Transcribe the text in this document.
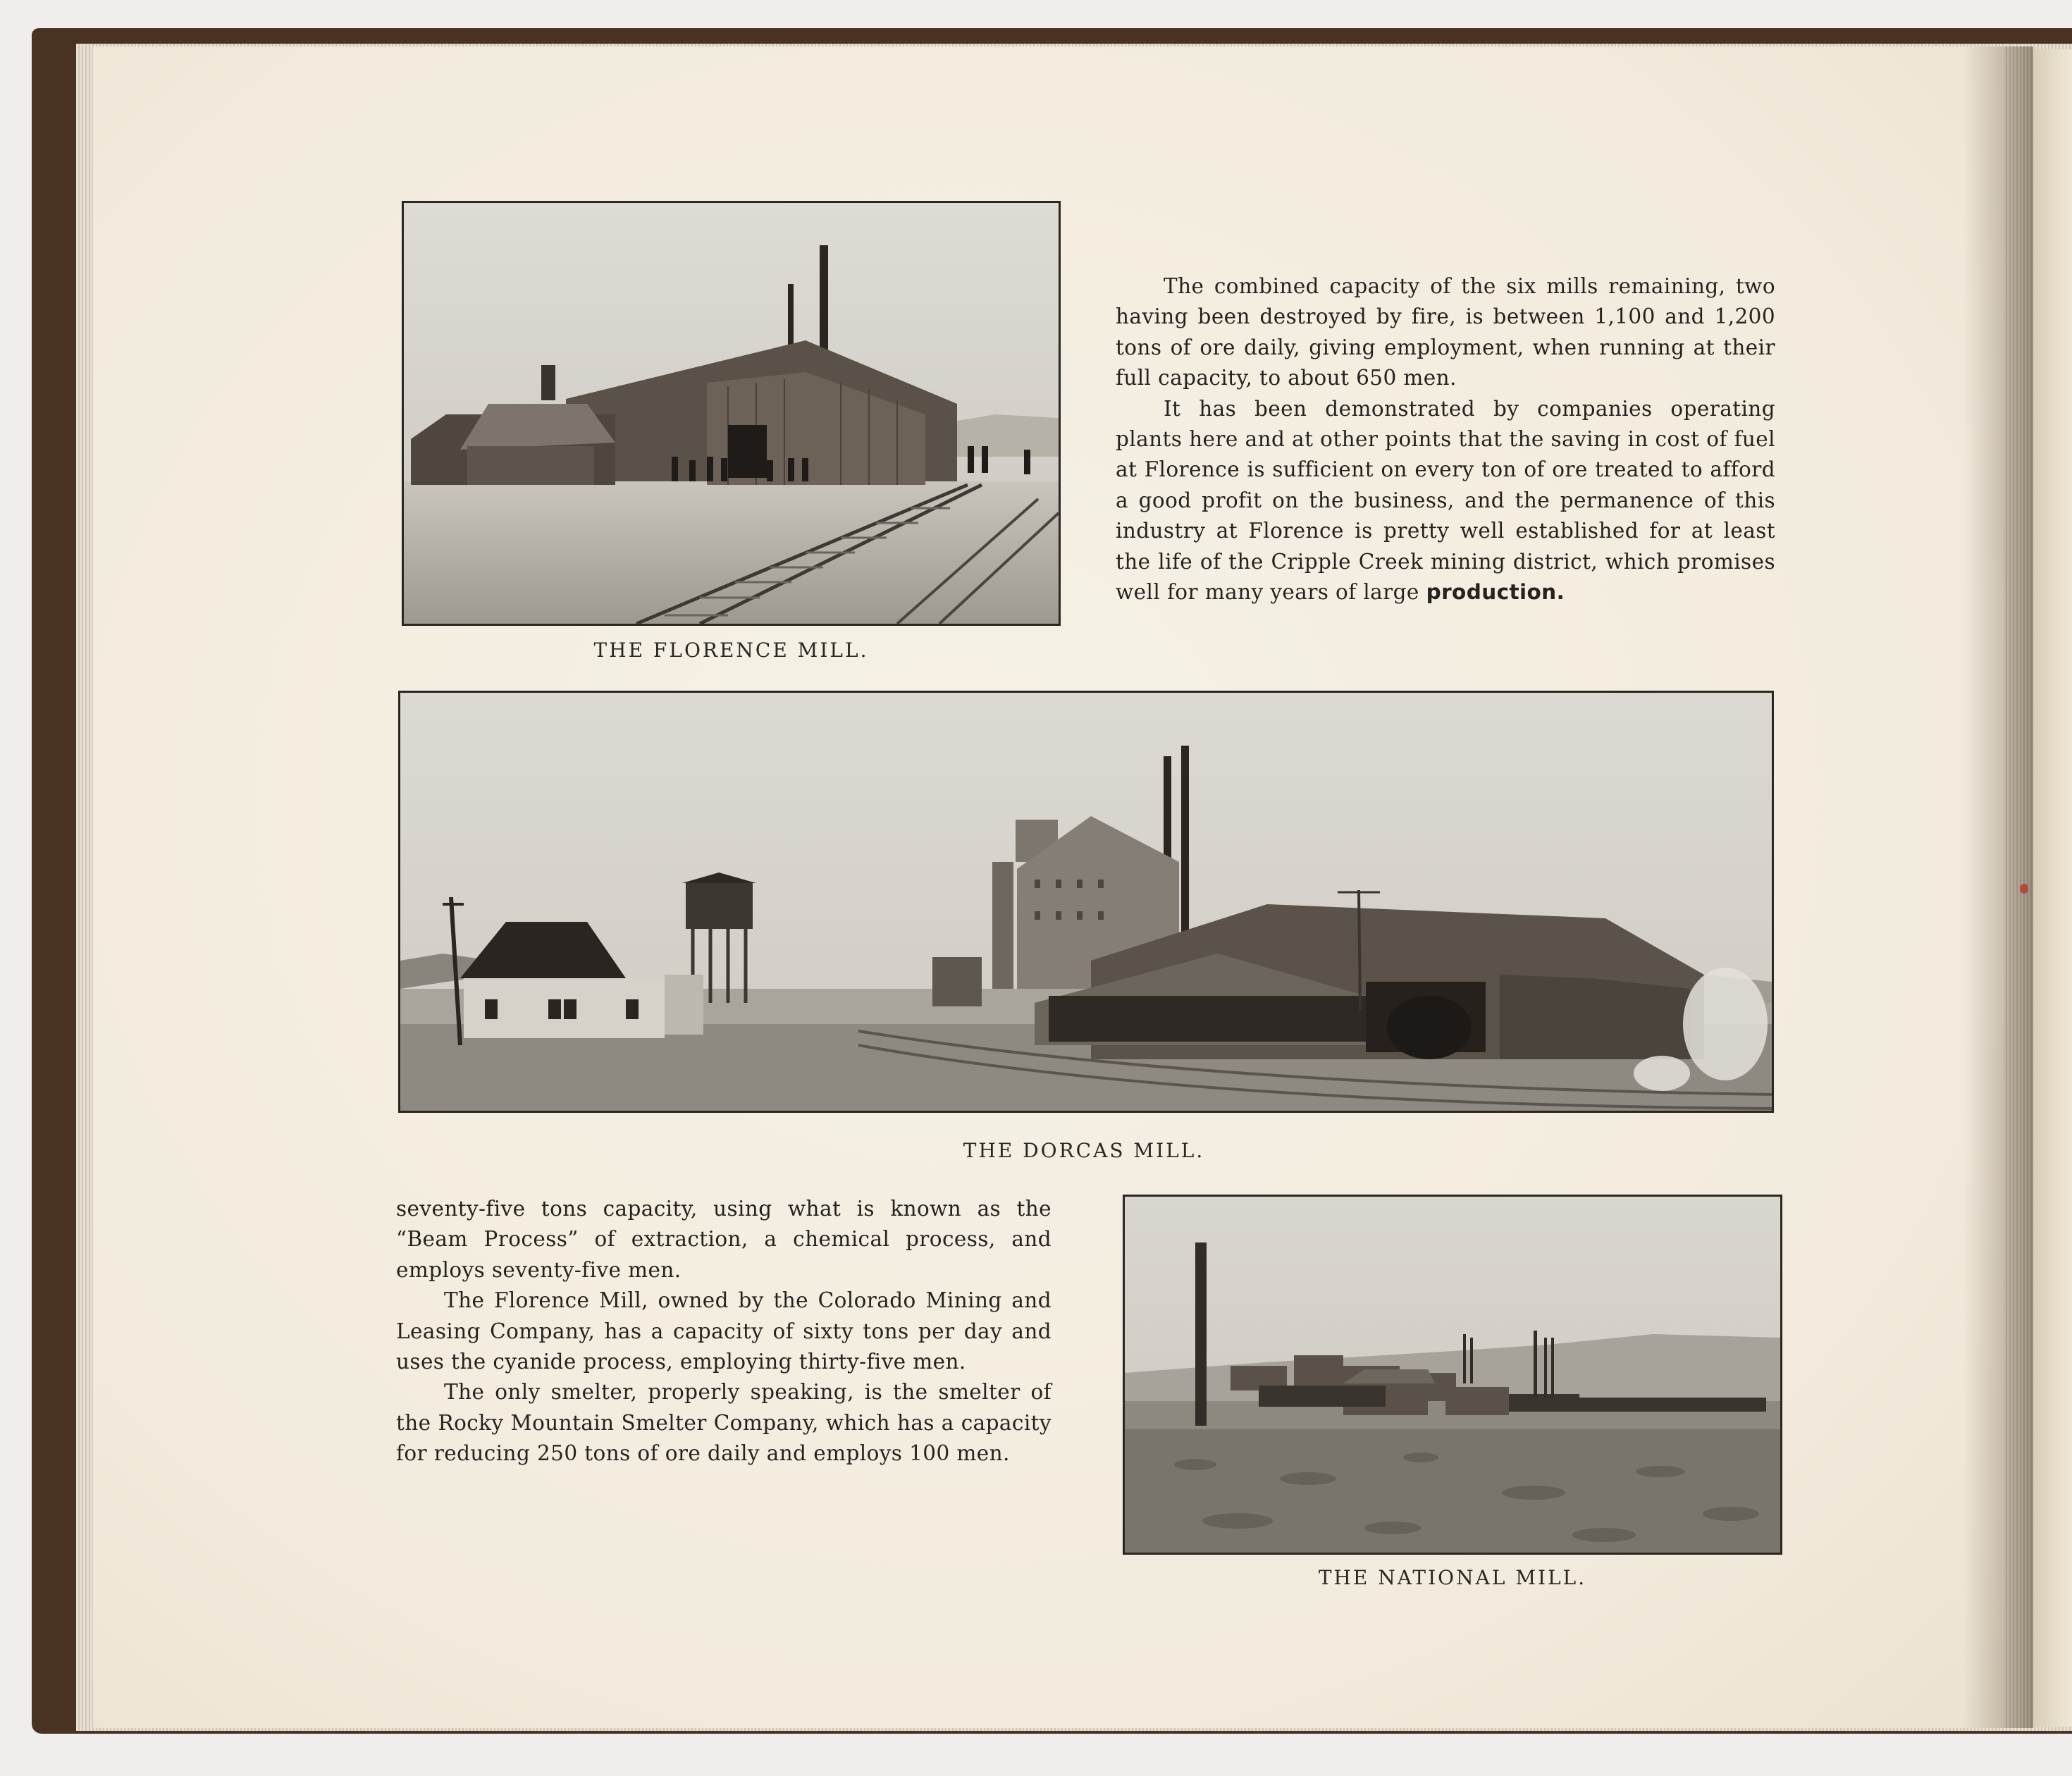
THE FLORENCE MILL.

The combined capacity of the six mills remaining, two having been destroyed by fire, is between 1,100 and 1,200 tons of ore daily, giving employment, when running at their full capacity, to about 650 men.

It has been demonstrated by companies operating plants here and at other points that the saving in cost of fuel at Florence is sufficient on every ton of ore treated to afford a good profit on the business, and the permanence of this industry at Florence is pretty well established for at least the life of the Cripple Creek mining district, which promises well for many years of large production.

THE DORCAS MILL.

seventy-five tons capacity, using what is known as the “Beam Process” of extraction, a chemical process, and employs seventy-five men.

The Florence Mill, owned by the Colorado Mining and Leasing Company, has a capacity of sixty tons per day and uses the cyanide process, employing thirty-five men.

The only smelter, properly speaking, is the smelter of the Rocky Mountain Smelter Company, which has a capacity for reducing 250 tons of ore daily and employs 100 men.

THE NATIONAL MILL.
